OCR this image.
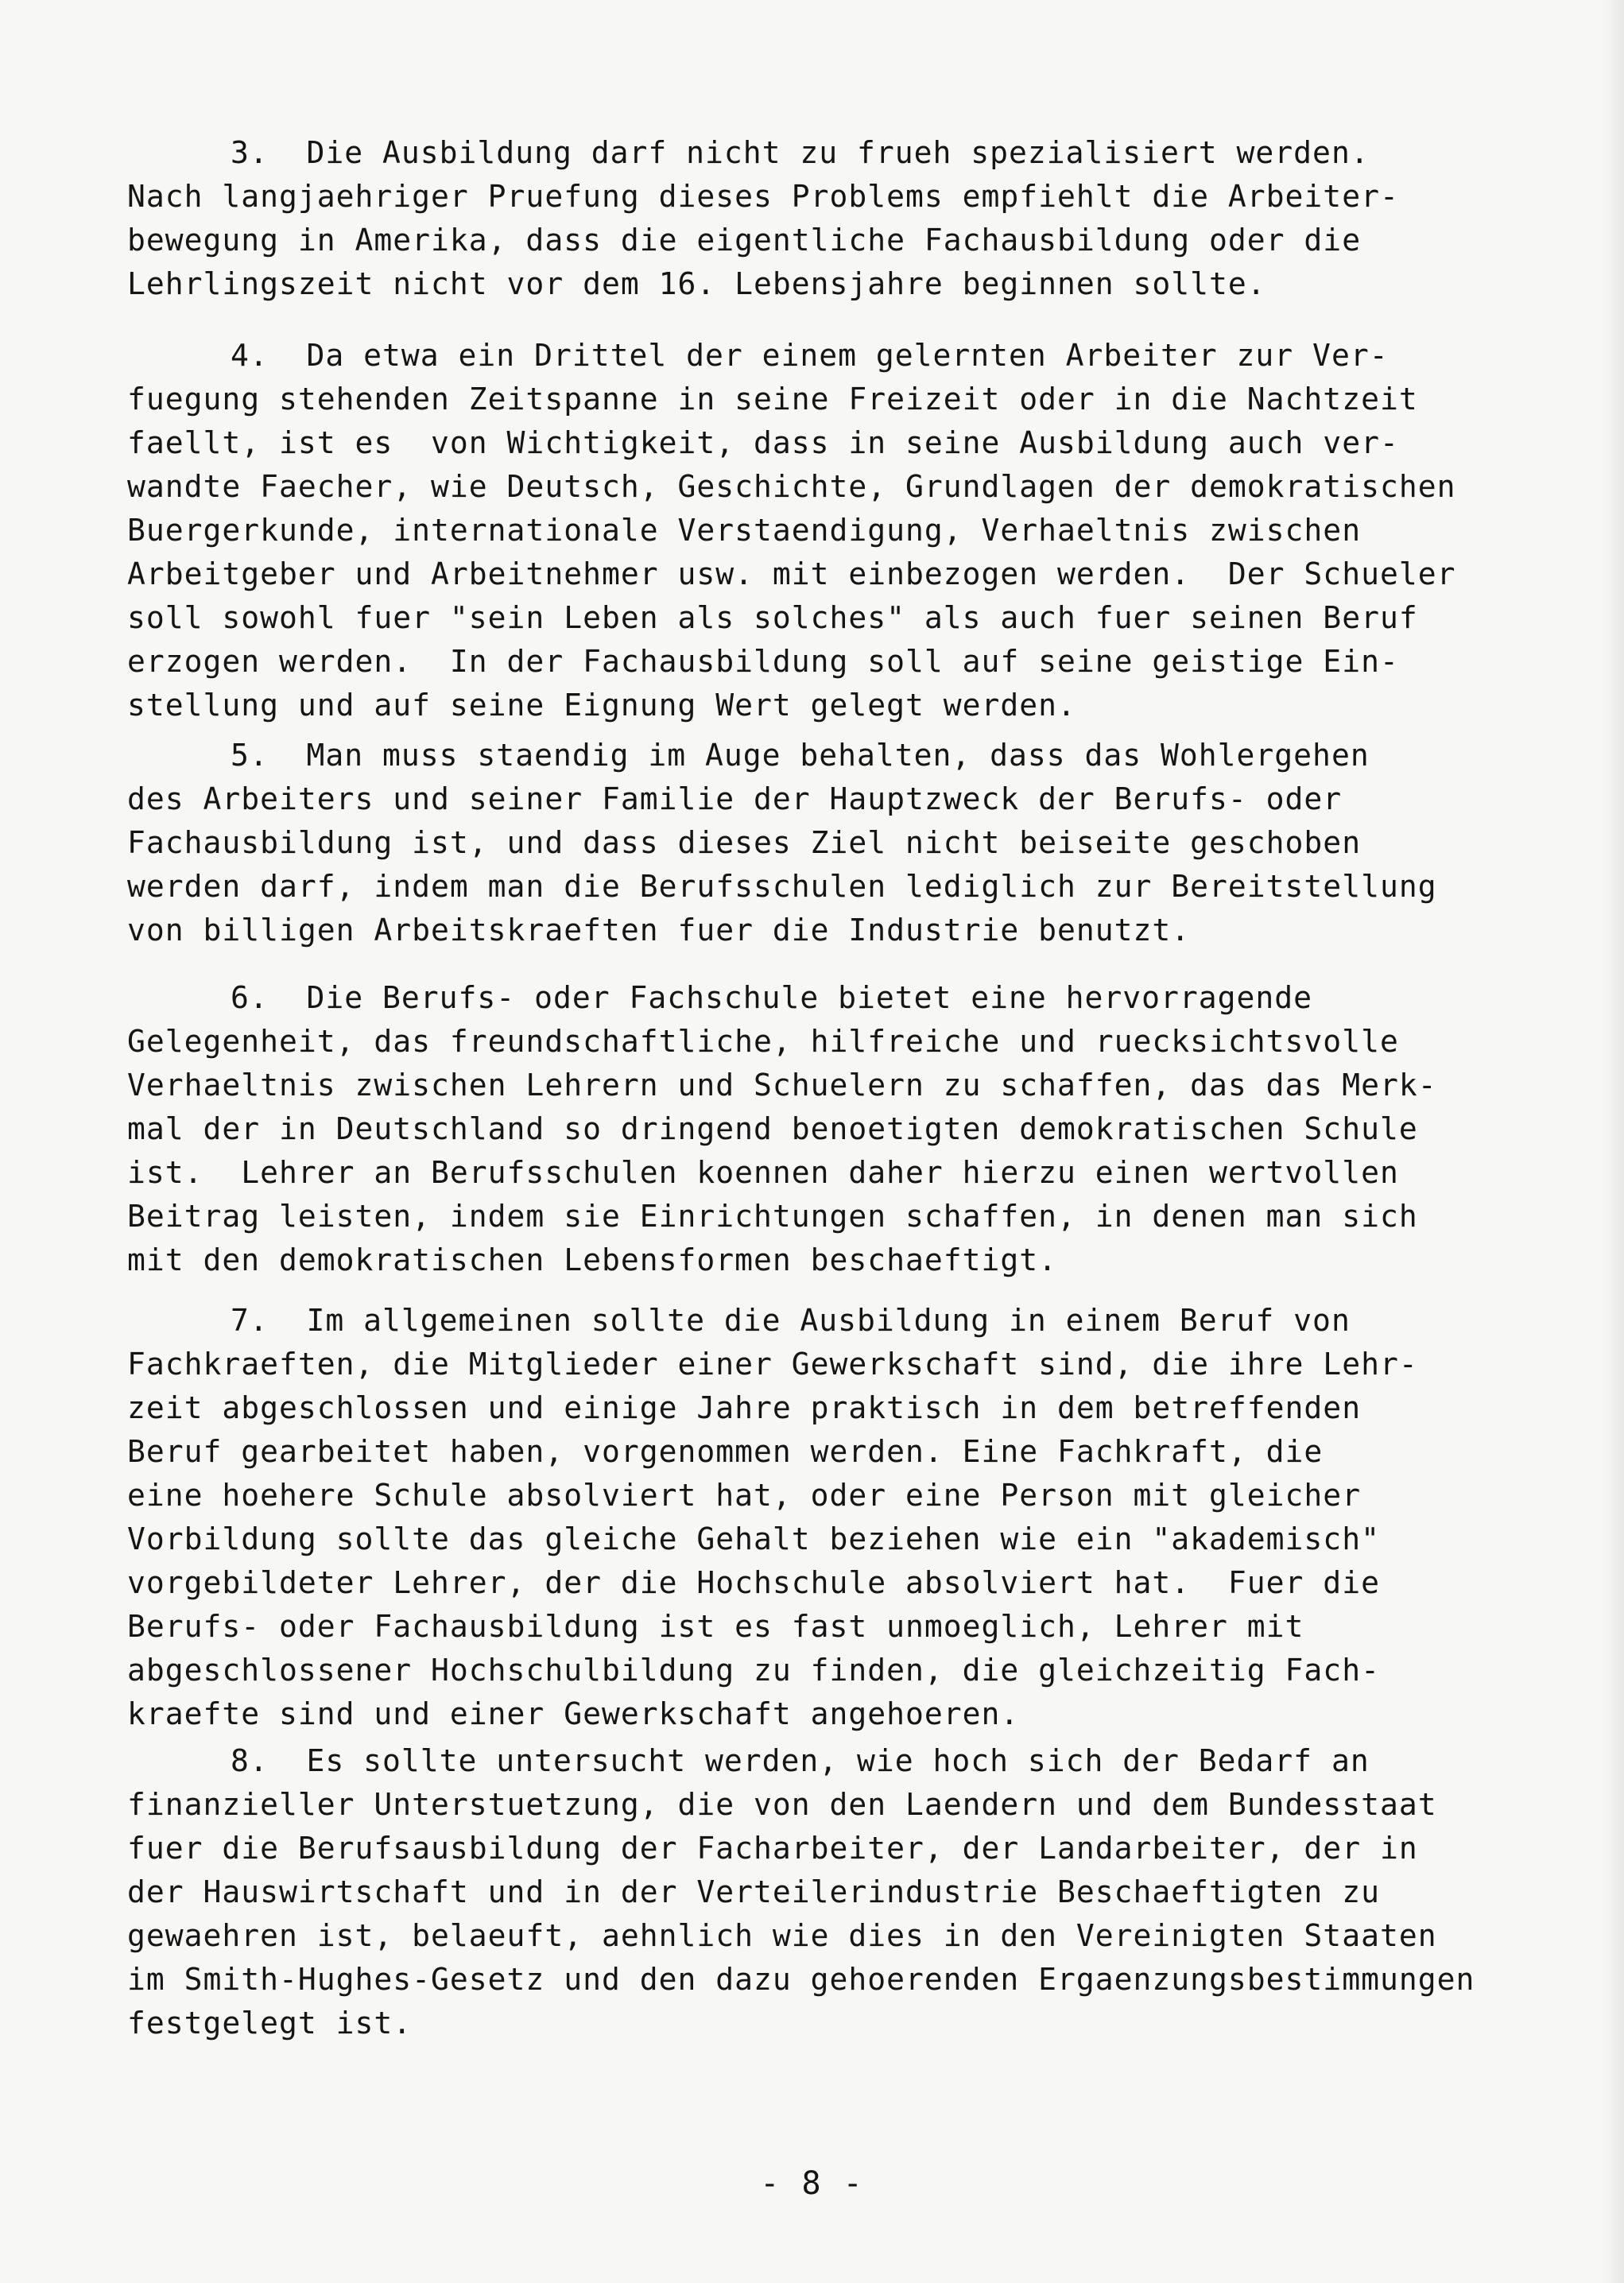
3. Die Ausbildung darf nicht zu frueh spezialisiert werden.
Nach langjaehriger Pruefung dieses Problems empfiehlt die Arbeiter-
bewegung in Amerika, dass die eigentliche Fachausbildung oder die
Lehrlingszeit nicht vor dem 16. Lebensjahre beginnen sollte.
4. Da etwa ein Drittel der einem gelernten Arbeiter zur Ver-
fuegung stehenden Zeitspanne in seine Freizeit oder in die Nachtzeit
faellt, ist es  von Wichtigkeit, dass in seine Ausbildung auch ver-
wandte Faecher, wie Deutsch, Geschichte, Grundlagen der demokratischen
Buergerkunde, internationale Verstaendigung, Verhaeltnis zwischen
Arbeitgeber und Arbeitnehmer usw. mit einbezogen werden.  Der Schueler
soll sowohl fuer "sein Leben als solches" als auch fuer seinen Beruf
erzogen werden.  In der Fachausbildung soll auf seine geistige Ein-
stellung und auf seine Eignung Wert gelegt werden.
5. Man muss staendig im Auge behalten, dass das Wohlergehen
des Arbeiters und seiner Familie der Hauptzweck der Berufs- oder
Fachausbildung ist, und dass dieses Ziel nicht beiseite geschoben
werden darf, indem man die Berufsschulen lediglich zur Bereitstellung
von billigen Arbeitskraeften fuer die Industrie benutzt.
6. Die Berufs- oder Fachschule bietet eine hervorragende
Gelegenheit, das freundschaftliche, hilfreiche und ruecksichtsvolle
Verhaeltnis zwischen Lehrern und Schuelern zu schaffen, das das Merk-
mal der in Deutschland so dringend benoetigten demokratischen Schule
ist.  Lehrer an Berufsschulen koennen daher hierzu einen wertvollen
Beitrag leisten, indem sie Einrichtungen schaffen, in denen man sich
mit den demokratischen Lebensformen beschaeftigt.
7. Im allgemeinen sollte die Ausbildung in einem Beruf von
Fachkraeften, die Mitglieder einer Gewerkschaft sind, die ihre Lehr-
zeit abgeschlossen und einige Jahre praktisch in dem betreffenden
Beruf gearbeitet haben, vorgenommen werden. Eine Fachkraft, die
eine hoehere Schule absolviert hat, oder eine Person mit gleicher
Vorbildung sollte das gleiche Gehalt beziehen wie ein "akademisch"
vorgebildeter Lehrer, der die Hochschule absolviert hat.  Fuer die
Berufs- oder Fachausbildung ist es fast unmoeglich, Lehrer mit
abgeschlossener Hochschulbildung zu finden, die gleichzeitig Fach-
kraefte sind und einer Gewerkschaft angehoeren.
8. Es sollte untersucht werden, wie hoch sich der Bedarf an
finanzieller Unterstuetzung, die von den Laendern und dem Bundesstaat
fuer die Berufsausbildung der Facharbeiter, der Landarbeiter, der in
der Hauswirtschaft und in der Verteilerindustrie Beschaeftigten zu
gewaehren ist, belaeuft, aehnlich wie dies in den Vereinigten Staaten
im Smith-Hughes-Gesetz und den dazu gehoerenden Ergaenzungsbestimmungen
festgelegt ist.
- 8 -
